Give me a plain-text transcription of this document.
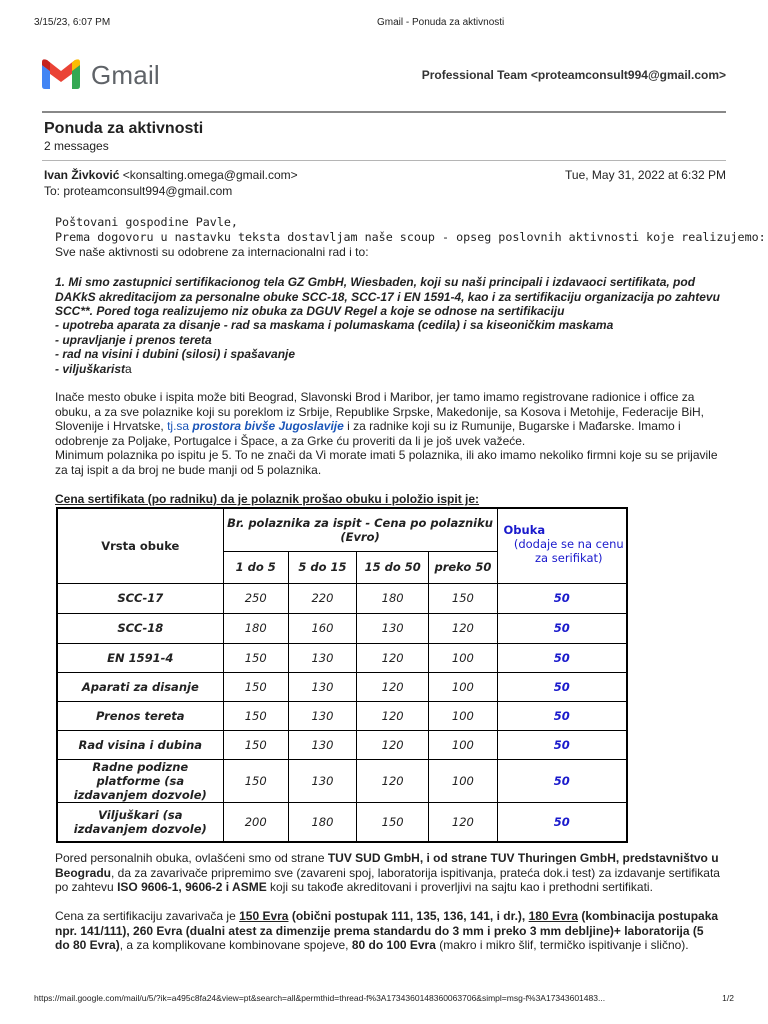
3/15/23, 6:07 PM	Gmail - Ponuda za aktivnosti
Gmail	Professional Team <proteamconsult994@gmail.com>
Ponuda za aktivnosti
2 messages
Ivan Živković <konsalting.omega@gmail.com>	Tue, May 31, 2022 at 6:32 PM
To: proteamconsult994@gmail.com
Poštovani gospodine Pavle,
Prema dogovoru u nastavku teksta dostavljam naše scoup - opseg poslovnih aktivnosti koje realizujemo:
Sve naše aktivnosti su odobrene za internacionalni rad i to:
1. Mi smo zastupnici sertifikacionog tela GZ GmbH, Wiesbaden, koji su naši principali i izdavaoci sertifikata, pod DAKkS akreditacijom za personalne obuke SCC-18, SCC-17 i EN 1591-4, kao i za sertifikaciju organizacija po zahtevu SCC**. Pored toga realizujemo niz obuka za DGUV Regel a koje se odnose na sertifikaciju
- upotreba aparata za disanje - rad sa maskama i polumaskama (cedila) i sa kiseoničkim maskama
- upravljanje i prenos tereta
- rad na visini i dubini (silosi) i spašavanje
- viljuškarista
Inače mesto obuke i ispita može biti Beograd, Slavonski Brod i Maribor, jer tamo imamo registrovane radionice i office za obuku, a za sve polaznike koji su poreklom iz Srbije, Republike Srpske, Makedonije, sa Kosova i Metohije, Federacije BiH, Slovenije i Hrvatske, tj.sa prostora bivše Jugoslavije i za radnike koji su iz Rumunije, Bugarske i Mađarske. Imamo i odobrenje za Poljake, Portugalce i Špace, a za Grke ću proveriti da li je još uvek važeće.
Minimum polaznika po ispitu je 5. To ne znači da Vi morate imati 5 polaznika, ili ako imamo nekoliko firmni koje su se prijavile za taj ispit a da broj ne bude manji od 5 polaznika.
Cena sertifikata (po radniku) da je polaznik prošao obuku i položio ispit je:
Vrsta obuke	Br. polaznika za ispit - Cena po polazniku (Evro)				Obuka
(dodaje se na cenu za serifikat)

	1 do 5	5 do 15	15 do 50	preko 50	
SCC-17	250	220	180	150	50
SCC-18	180	160	130	120	50
EN 1591-4	150	130	120	100	50
Aparati za disanje	150	130	120	100	50
Prenos tereta	150	130	120	100	50
Rad visina i dubina	150	130	120	100	50
Radne podizne platforme (sa izdavanjem dozvole)	150	130	120	100	50
Viljuškari (sa izdavanjem dozvole)	200	180	150	120	50
Pored personalnih obuka, ovlašćeni smo od strane TUV SUD GmbH, i od strane TUV Thuringen GmbH, predstavništvo u Beogradu, da za zavarivače pripremimo sve (zavareni spoj, laboratorija ispitivanja, prateća dok.i test) za izdavanje sertifikata po zahtevu ISO 9606-1, 9606-2 i ASME koji su takođe akreditovani i proverljivi na sajtu kao i prethodni sertifikati.
Cena za sertifikaciju zavarivača je 150 Evra (obični postupak 111, 135, 136, 141, i dr.), 180 Evra (kombinacija postupaka npr. 141/111), 260 Evra (dualni atest za dimenzije prema standardu do 3 mm i preko 3 mm debljine)+ laboratorija (5 do 80 Evra), a za komplikovane kombinovane spojeve, 80 do 100 Evra (makro i mikro šlif, termičko ispitivanje i slično).
https://mail.google.com/mail/u/5/?ik=a495c8fa24&view=pt&search=all&permthid=thread-f%3A1734360148360063706&simpl=msg-f%3A17343601483...	1/2
